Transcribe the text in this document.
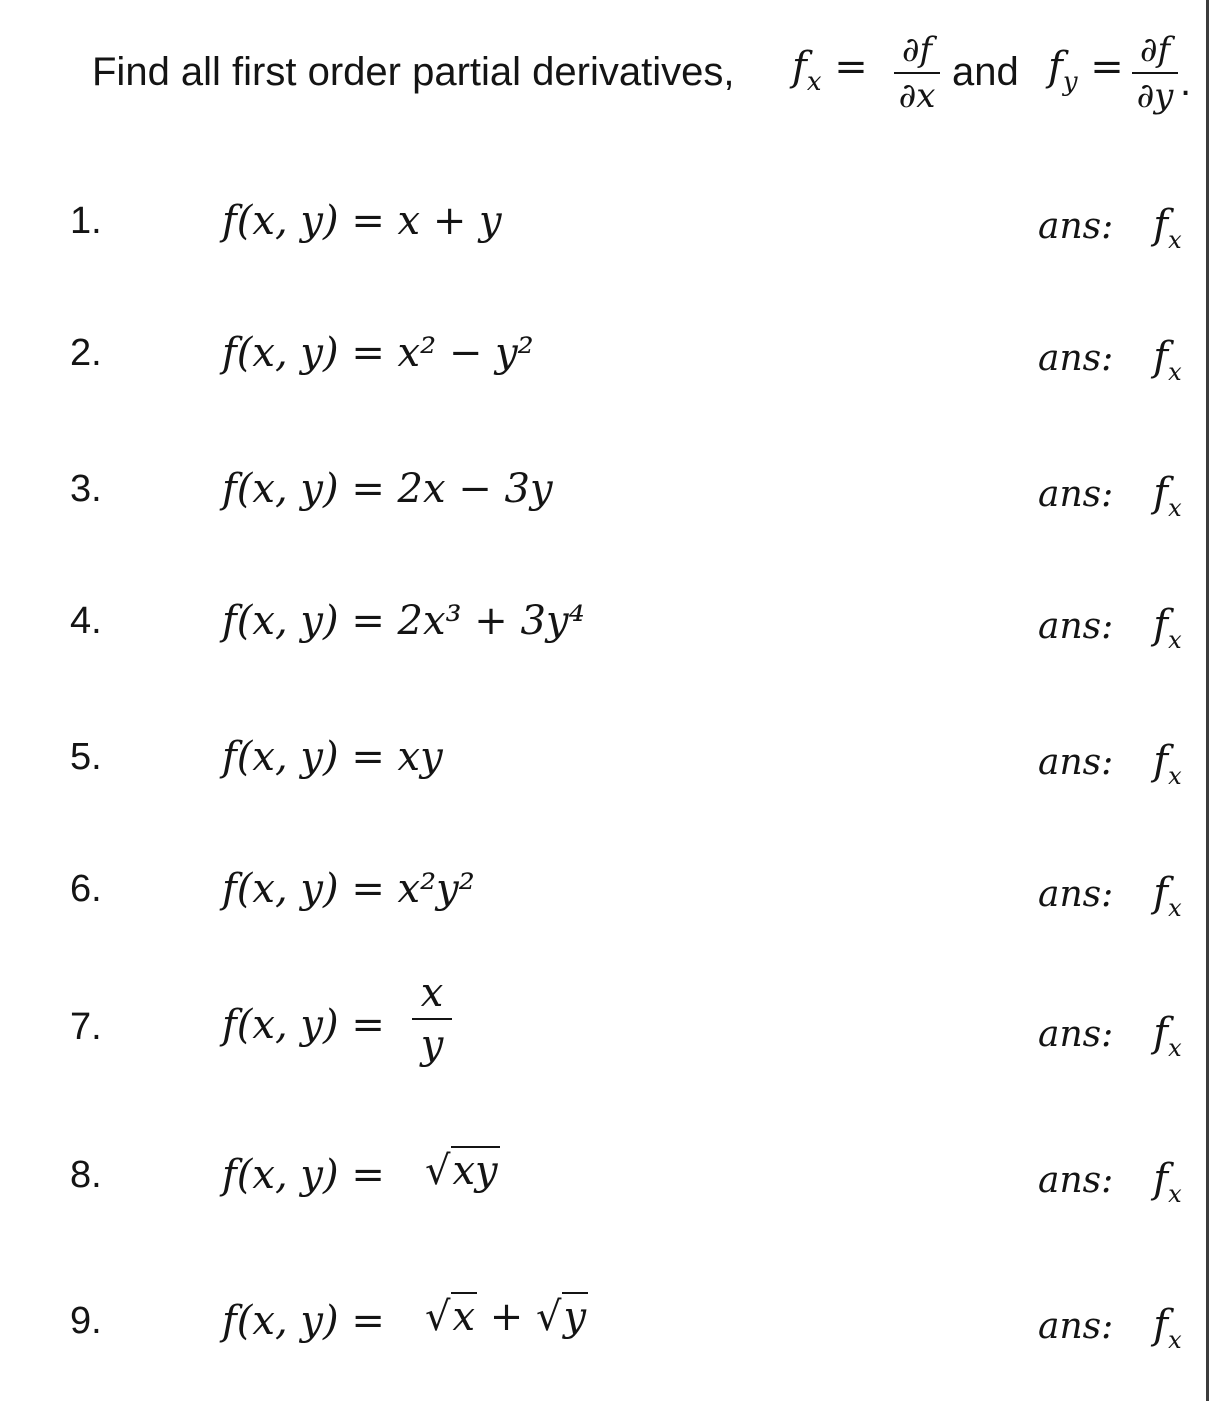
Find all first order partial derivatives, $f_x = \partial f$
∂x
and $f_y = \partial f$
∂y .
1.	f(x, y) = x + y	ans: $f_x$
2.	f(x, y) = x² − y²	ans: $f_x$
3.	f(x, y) = 2x − 3y	ans: $f_x$
4.	f(x, y) = 2x³ + 3y⁴	ans: $f_x$
5.	f(x, y) = xy	ans: $f_x$
6.	f(x, y) = x²y²	ans: $f_x$
7.	f(x, y) =
x
y	ans: $f_x$
8.	f(x, y) = √xy	ans: $f_x$
9.	f(x, y) = √x + √y	ans: $f_x$
